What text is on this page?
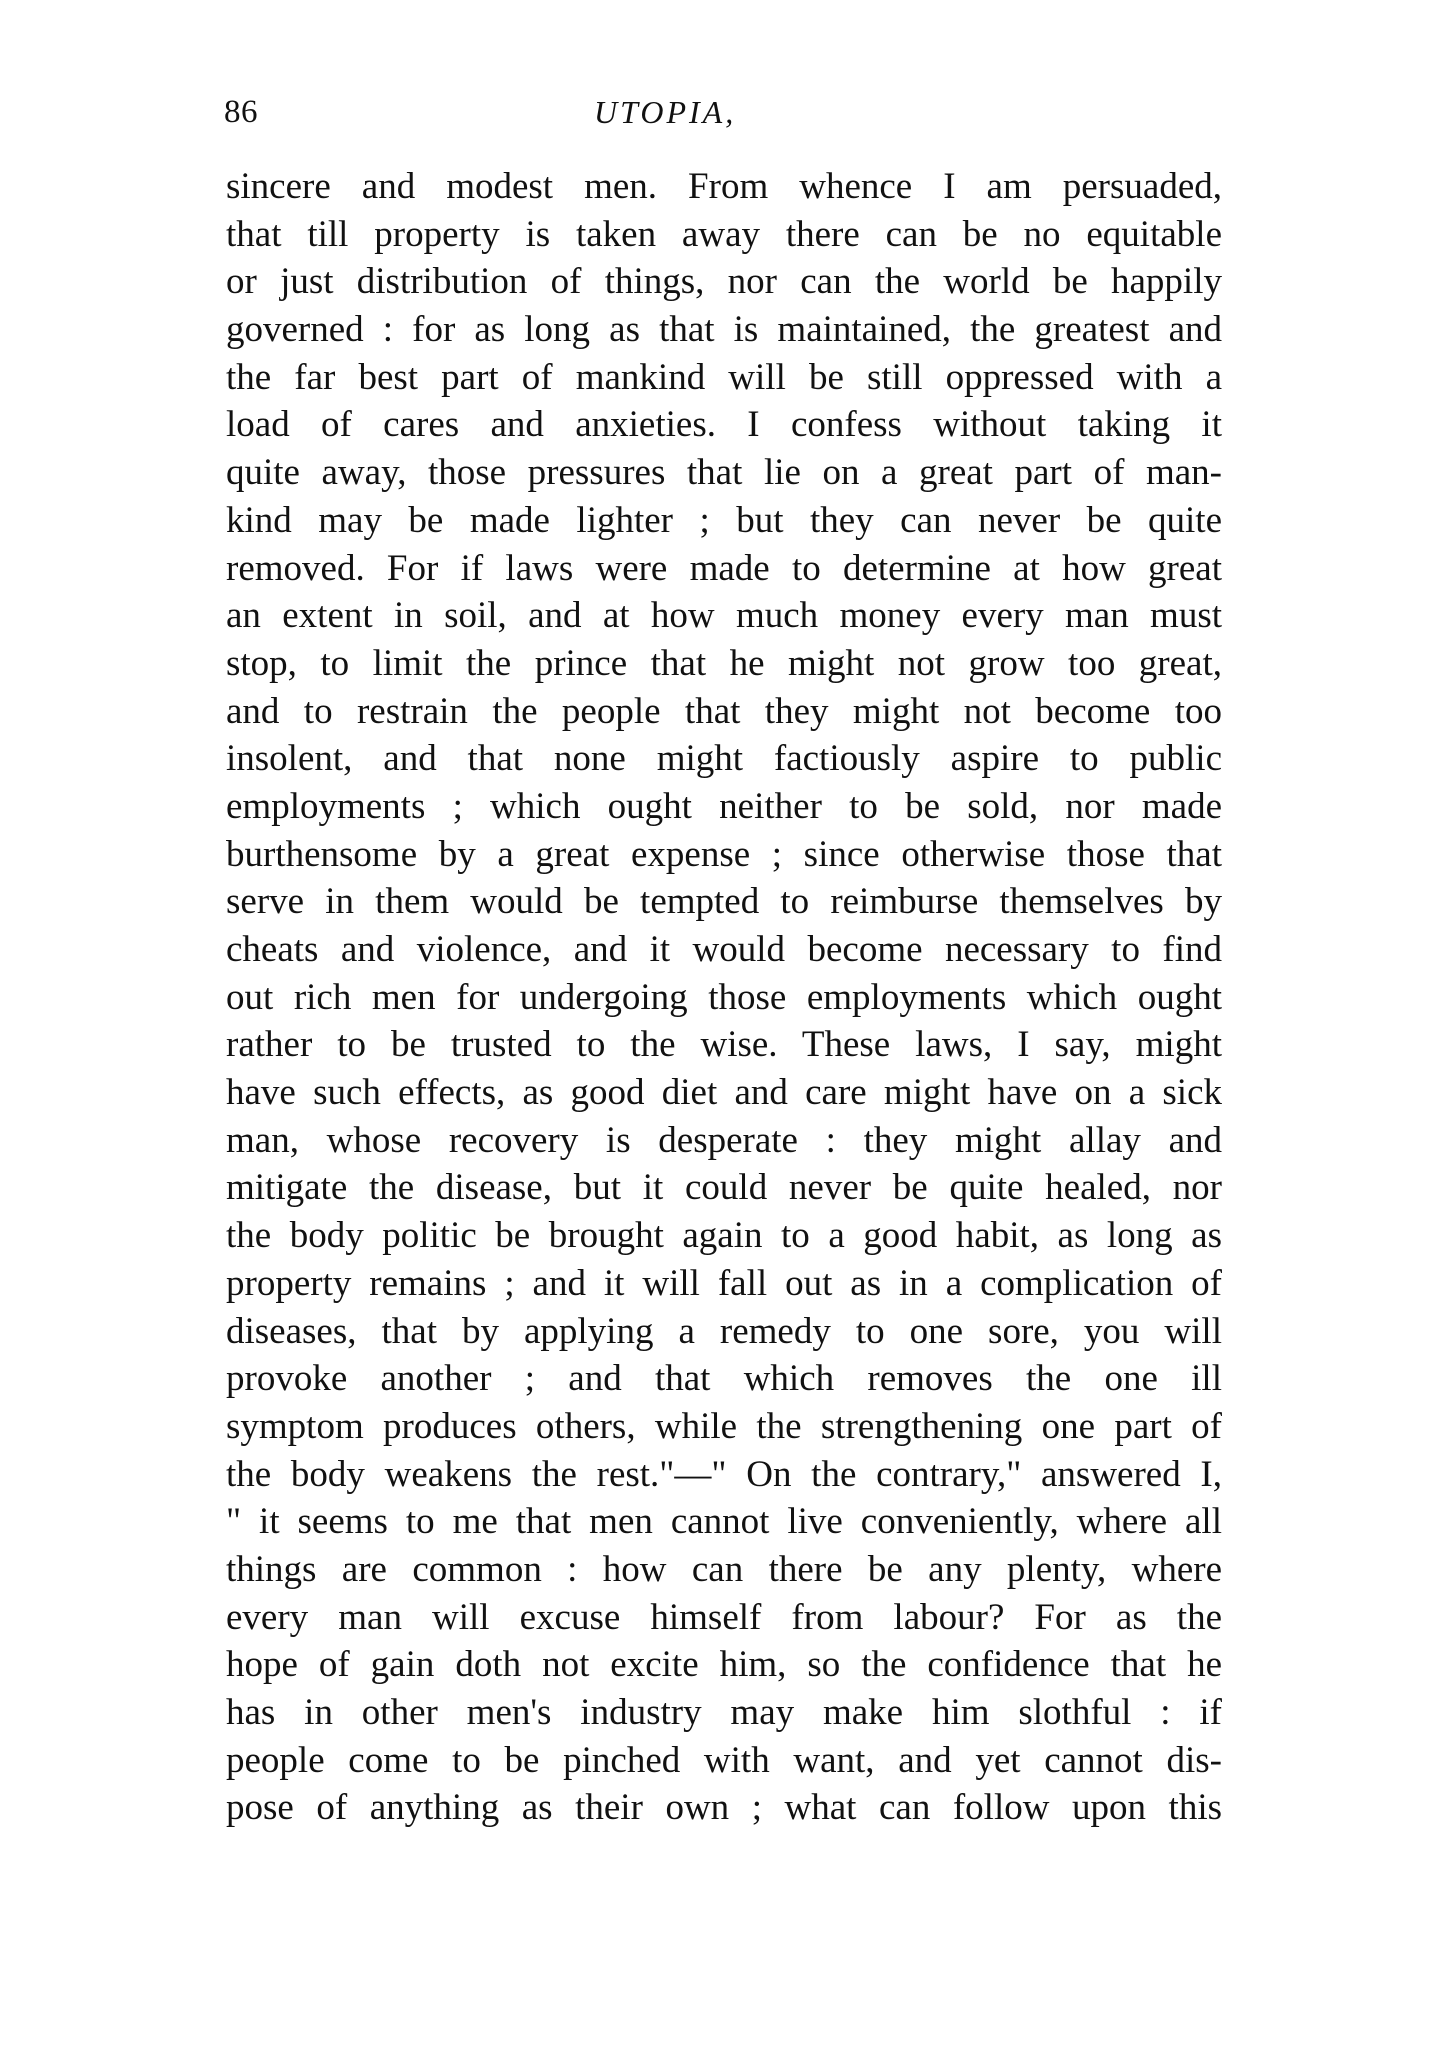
86	UTOPIA,
sincere and modest men. From whence I am persuaded,
that till property is taken away there can be no equitable
or just distribution of things, nor can the world be happily
governed : for as long as that is maintained, the greatest and
the far best part of mankind will be still oppressed with a
load of cares and anxieties. I confess without taking it
quite away, those pressures that lie on a great part of man-
kind may be made lighter ; but they can never be quite
removed. For if laws were made to determine at how great
an extent in soil, and at how much money every man must
stop, to limit the prince that he might not grow too great,
and to restrain the people that they might not become too
insolent, and that none might factiously aspire to public
employments ; which ought neither to be sold, nor made
burthensome by a great expense ; since otherwise those that
serve in them would be tempted to reimburse themselves by
cheats and violence, and it would become necessary to find
out rich men for undergoing those employments which ought
rather to be trusted to the wise. These laws, I say, might
have such effects, as good diet and care might have on a sick
man, whose recovery is desperate : they might allay and
mitigate the disease, but it could never be quite healed, nor
the body politic be brought again to a good habit, as long as
property remains ; and it will fall out as in a complication of
diseases, that by applying a remedy to one sore, you will
provoke another ; and that which removes the one ill
symptom produces others, while the strengthening one part of
the body weakens the rest."—" On the contrary," answered I,
" it seems to me that men cannot live conveniently, where all
things are common : how can there be any plenty, where
every man will excuse himself from labour? For as the
hope of gain doth not excite him, so the confidence that he
has in other men's industry may make him slothful : if
people come to be pinched with want, and yet cannot dis-
pose of anything as their own ; what can follow upon this
